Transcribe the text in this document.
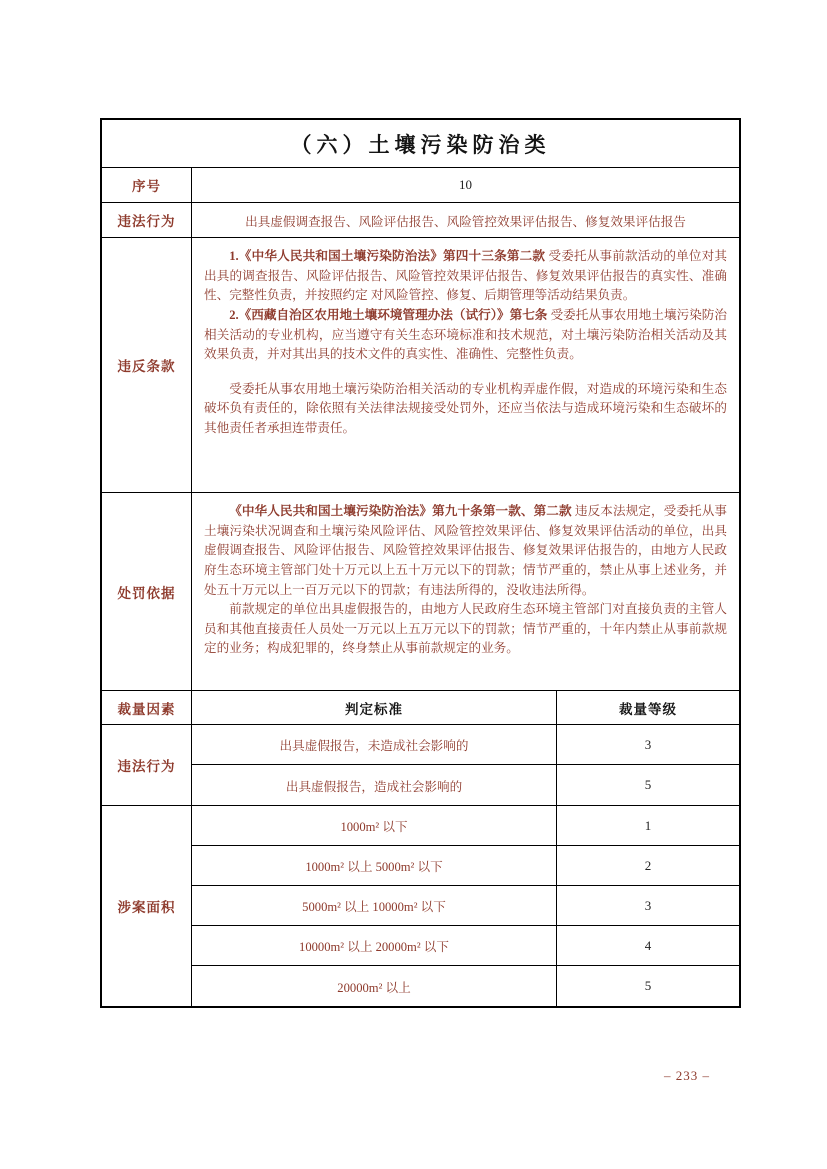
（六）土壤污染防治类
序号	10
违法行为	出具虚假调查报告、风险评估报告、风险管控效果评估报告、修复效果评估报告
违反条款

1.《中华人民共和国土壤污染防治法》第四十三条第二款 受委托从事前款活动的单位对其出具的调查报告、风险评估报告、风险管控效果评估报告、修复效果评估报告的真实性、准确性、完整性负责，并按照约定 对风险管控、修复、后期管理等活动结果负责。

2.《西藏自治区农用地土壤环境管理办法（试行）》第七条 受委托从事农用地土壤污染防治相关活动的专业机构，应当遵守有关生态环境标准和技术规范，对土壤污染防治相关活动及其效果负责，并对其出具的技术文件的真实性、准确性、完整性负责。

受委托从事农用地土壤污染防治相关活动的专业机构弄虚作假，对造成的环境污染和生态破坏负有责任的，除依照有关法律法规接受处罚外，还应当依法与造成环境污染和生态破坏的其他责任者承担连带责任。

处罚依据

《中华人民共和国土壤污染防治法》第九十条第一款、第二款 违反本法规定，受委托从事土壤污染状况调查和土壤污染风险评估、风险管控效果评估、修复效果评估活动的单位，出具虚假调查报告、风险评估报告、风险管控效果评估报告、修复效果评估报告的，由地方人民政府生态环境主管部门处十万元以上五十万元以下的罚款；情节严重的，禁止从事上述业务，并处五十万元以上一百万元以下的罚款；有违法所得的，没收违法所得。

前款规定的单位出具虚假报告的，由地方人民政府生态环境主管部门对直接负责的主管人员和其他直接责任人员处一万元以上五万元以下的罚款；情节严重的，十年内禁止从事前款规定的业务；构成犯罪的，终身禁止从事前款规定的业务。

裁量因素	判定标准	裁量等级
违法行为
出具虚假报告，未造成社会影响的	3
出具虚假报告，造成社会影响的	5
涉案面积
1000m² 以下	1
1000m² 以上 5000m² 以下	2
5000m² 以上 10000m² 以下	3
10000m² 以上 20000m² 以下	4
20000m² 以上	5
– 233 –
